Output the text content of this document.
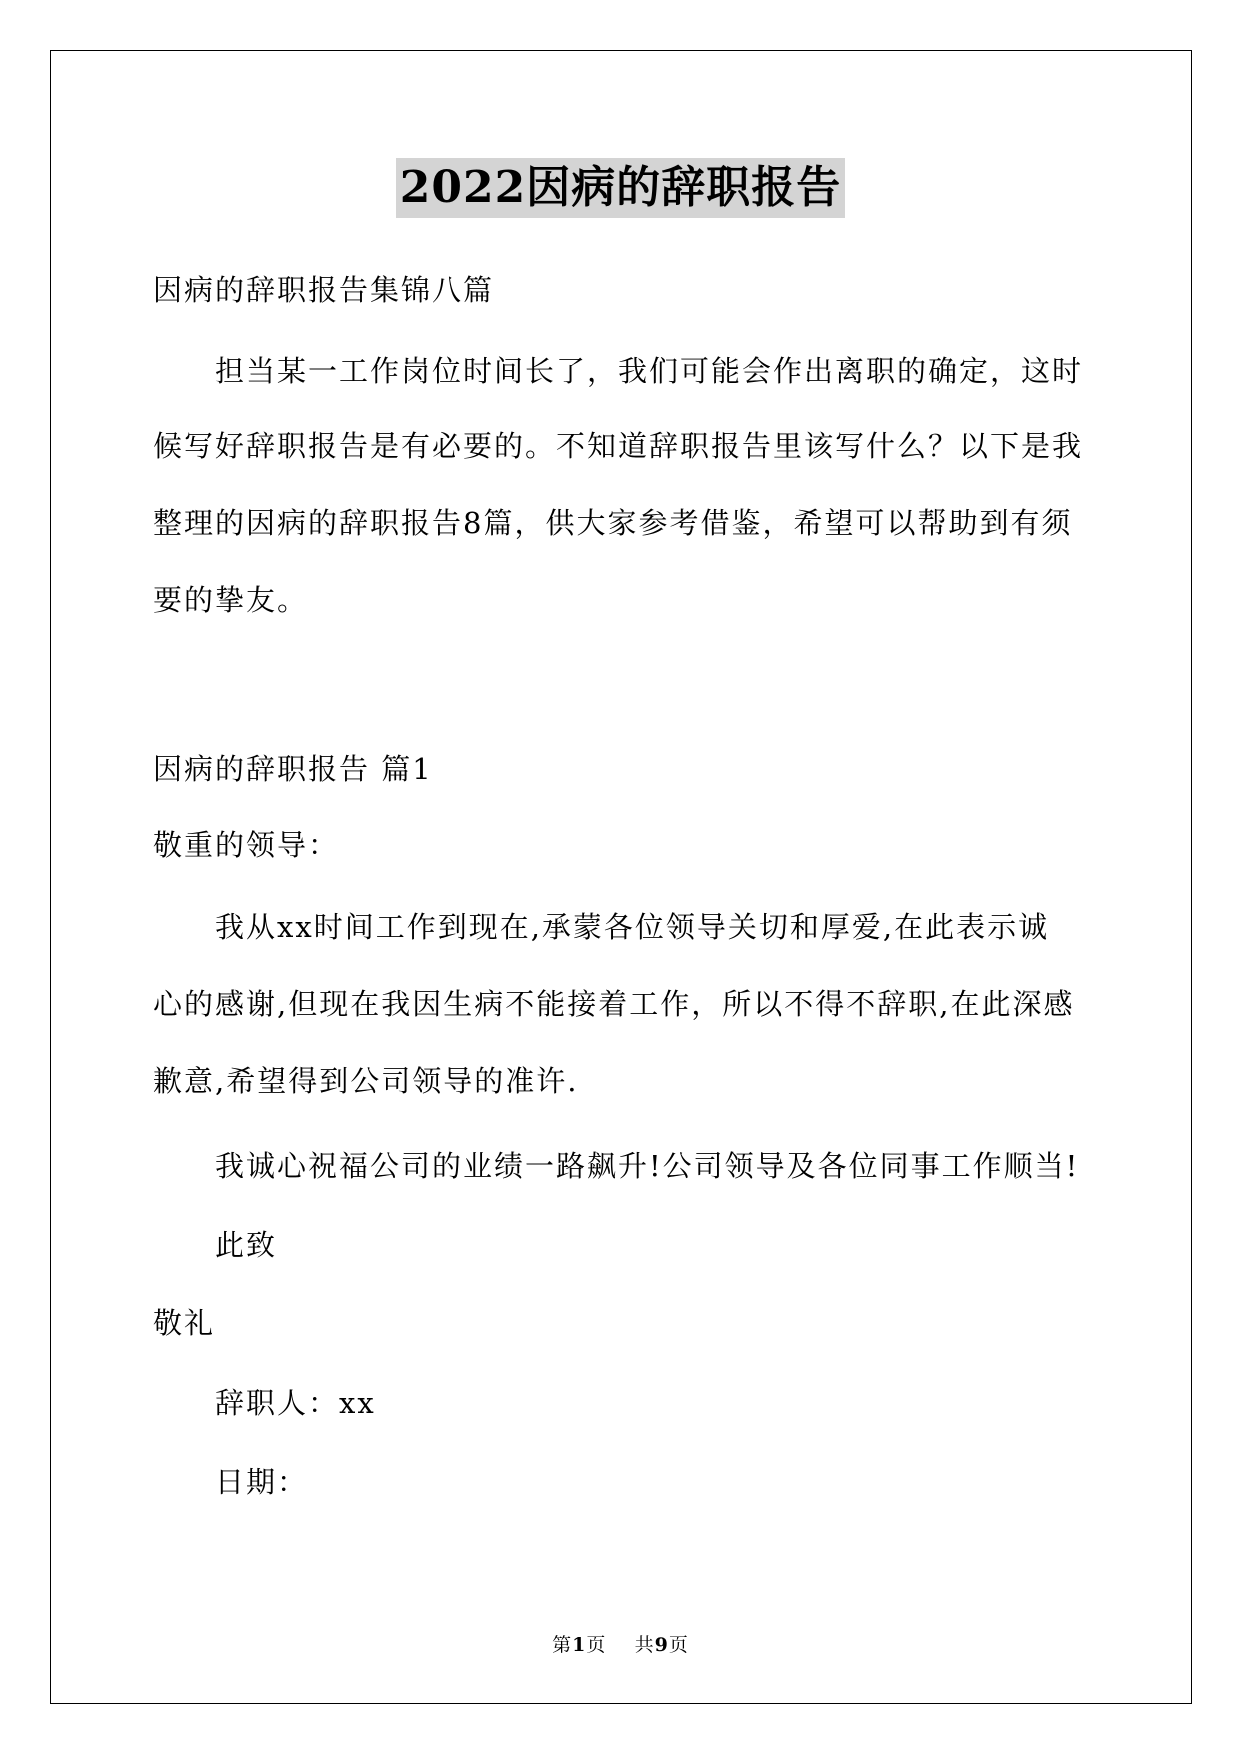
2022因病的辞职报告
因病的辞职报告集锦八篇
担当某一工作岗位时间长了，我们可能会作出离职的确定，这时
候写好辞职报告是有必要的。不知道辞职报告里该写什么？以下是我
整理的因病的辞职报告8篇，供大家参考借鉴，希望可以帮助到有须
要的挚友。
因病的辞职报告 篇1
敬重的领导：
我从xx时间工作到现在,承蒙各位领导关切和厚爱,在此表示诚
心的感谢,但现在我因生病不能接着工作，所以不得不辞职,在此深感
歉意,希望得到公司领导的准许.
我诚心祝福公司的业绩一路飙升!公司领导及各位同事工作顺当!
此致
敬礼
辞职人：xx
日期：
第1页 共9页
